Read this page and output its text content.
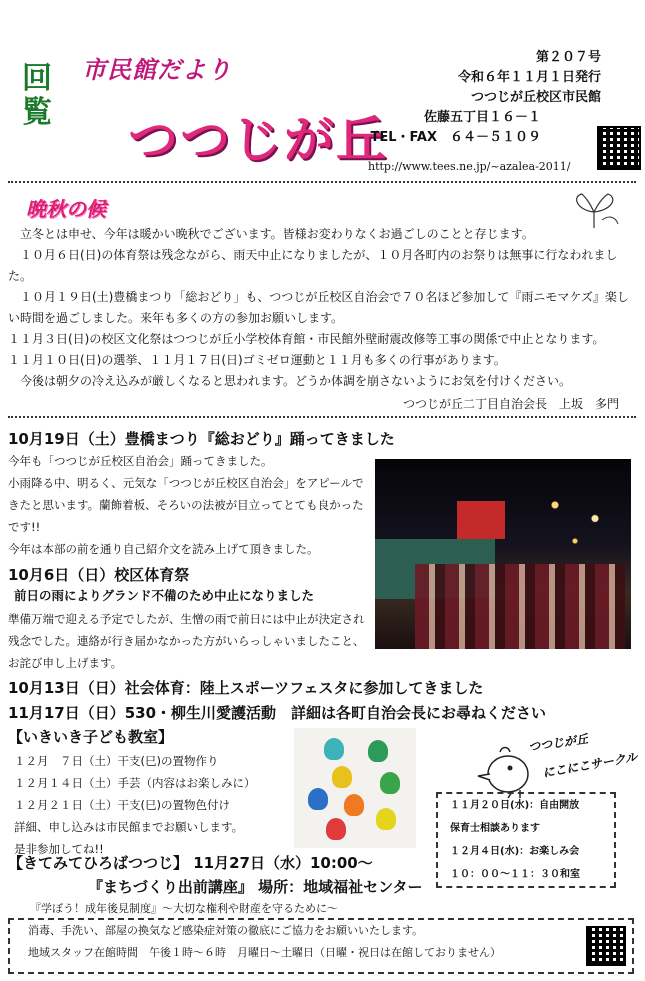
回
覧
市民館だより
つつじが丘
第２０７号
令和６年１１月１日発行
つつじが丘校区市民館
佐藤五丁目１６－１
TEL・FAX　６４－５１０９
http://www.tees.ne.jp/~azalea-2011/
晩秋の候
　立冬とは申せ、今年は暖かい晩秋でございます。皆様お変わりなくお過ごしのことと存じます。
　１０月６日(日)の体育祭は残念ながら、雨天中止になりましたが、１０月各町内のお祭りは無事に行なわれました。
　１０月１９日(土)豊橋まつり「総おどり」も、つつじが丘校区自治会で７０名ほど参加して『雨ニモマケズ』楽しい時間を過ごしました。来年も多くの方の参加お願いします。
１１月３日(日)の校区文化祭はつつじが丘小学校体育館・市民館外壁耐震改修等工事の関係で中止となります。
１１月１０日(日)の選挙、１１月１７日(日)ゴミゼロ運動と１１月も多くの行事があります。
　今後は朝夕の冷え込みが厳しくなると思われます。どうか体調を崩さないようにお気を付けください。
つつじが丘二丁目自治会長　上坂　多門
10月19日（土）豊橋まつり『総おどり』踊ってきました
今年も「つつじが丘校区自治会」踊ってきました。
小雨降る中、明るく、元気な「つつじが丘校区自治会」をアピールできたと思います。蘭飾着板、そろいの法被が目立ってとても良かったです!!
今年は本部の前を通り自己紹介文を読み上げて頂きました。
10月6日（日）校区体育祭
前日の雨によりグランド不備のため中止になりました
準備万端で迎える予定でしたが、生憎の雨で前日には中止が決定され残念でした。連絡が行き届かなかった方がいらっしゃいましたこと、お詫び申し上げます。
10月13日（日）社会体育：陸上スポーツフェスタに参加してきました
11月17日（日）530・柳生川愛護活動　詳細は各町自治会長にお尋ねください
【いきいき子ども教室】
１２月　７日（土）干支(巳)の置物作り
１２月１４日（土）手芸（内容はお楽しみに）
１２月２１日（土）干支(巳)の置物色付け
詳細、申し込みは市民館までお願いします。
是非参加してね!!
つつじが丘
にこにこサークル
１１月２０日(水)：自由開放
保育士相談あります
１２月４日(水)：お楽しみ会
１０：００～１１：３０和室
【きてみてひろばつつじ】 11月27日（水）10:00～
『まちづくり出前講座』 場所：地域福祉センター
『学ぼう！成年後見制度』～大切な権利や財産を守るために～
消毒、手洗い、部屋の換気など感染症対策の徹底にご協力をお願いいたします。
地域スタッフ在館時間　午後１時～６時　月曜日～土曜日（日曜・祝日は在館しておりません）
